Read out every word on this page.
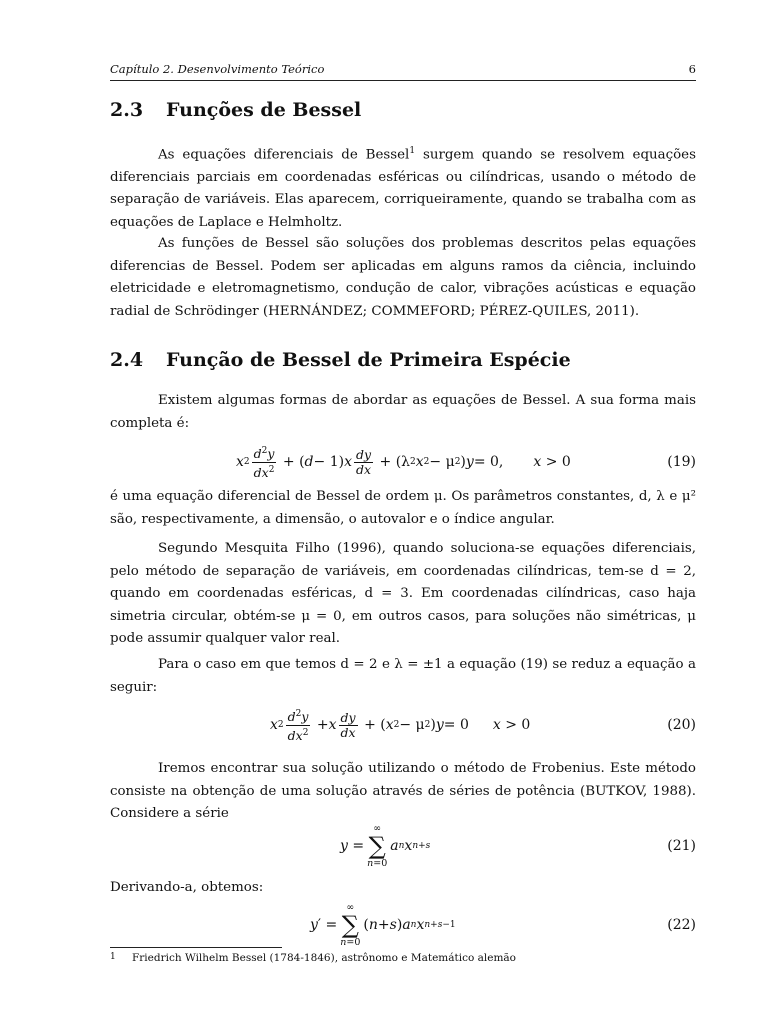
Capítulo 2. Desenvolvimento Teórico	6
2.3 Funções de Bessel
As equações diferenciais de Bessel$^1$ surgem quando se resolvem equações diferenciais parciais em coordenadas esféricas ou cilíndricas, usando o método de separação de variáveis. Elas aparecem, corriqueiramente, quando se trabalha com as equações de Laplace e Helmholtz.
As funções de Bessel são soluções dos problemas descritos pelas equações diferencias de Bessel. Podem ser aplicadas em alguns ramos da ciência, incluindo eletricidade e eletromagnetismo, condução de calor, vibrações acústicas e equação radial de Schrödinger (HERNÁNDEZ; COMMEFORD; PÉREZ-QUILES, 2011).
2.4 Função de Bessel de Primeira Espécie
Existem algumas formas de abordar as equações de Bessel. A sua forma mais completa é:
x $2 \frac{d^2y}{dx^2}$ + ( d − 1) x $\frac{dy}{dx} + (\lambda$ 2 x 2 − μ 2 ) y = 0, x > 0	(19)
é uma equação diferencial de Bessel de ordem μ. Os parâmetros constantes, d, λ e μ² são, respectivamente, a dimensão, o autovalor e o índice angular.
Segundo Mesquita Filho (1996), quando soluciona-se equações diferenciais, pelo método de separação de variáveis, em coordenadas cilíndricas, tem-se d = 2, quando em coordenadas esféricas, d = 3. Em coordenadas cilíndricas, caso haja simetria circular, obtém-se μ = 0, em outros casos, para soluções não simétricas, μ pode assumir qualquer valor real.
Para o caso em que temos d = 2 e λ = ±1 a equação (19) se reduz a equação a seguir:
x $2 \frac{d^2y}{dx^2} + x \frac{dy}{dx}$ + ( x 2 − μ 2 ) y = 0 x > 0	(20)
Iremos encontrar sua solução utilizando o método de Frobenius. Este método consiste na obtenção de uma solução através de séries de potência (BUTKOV, 1988). Considere a série
y =
∞
∑
n=0
a n x n+s	(21)
Derivando-a, obtemos:
y ′ =
∞
∑
n=0
( n + s ) a n x n+s−1	(22)
1 Friedrich Wilhelm Bessel (1784-1846), astrônomo e Matemático alemão
